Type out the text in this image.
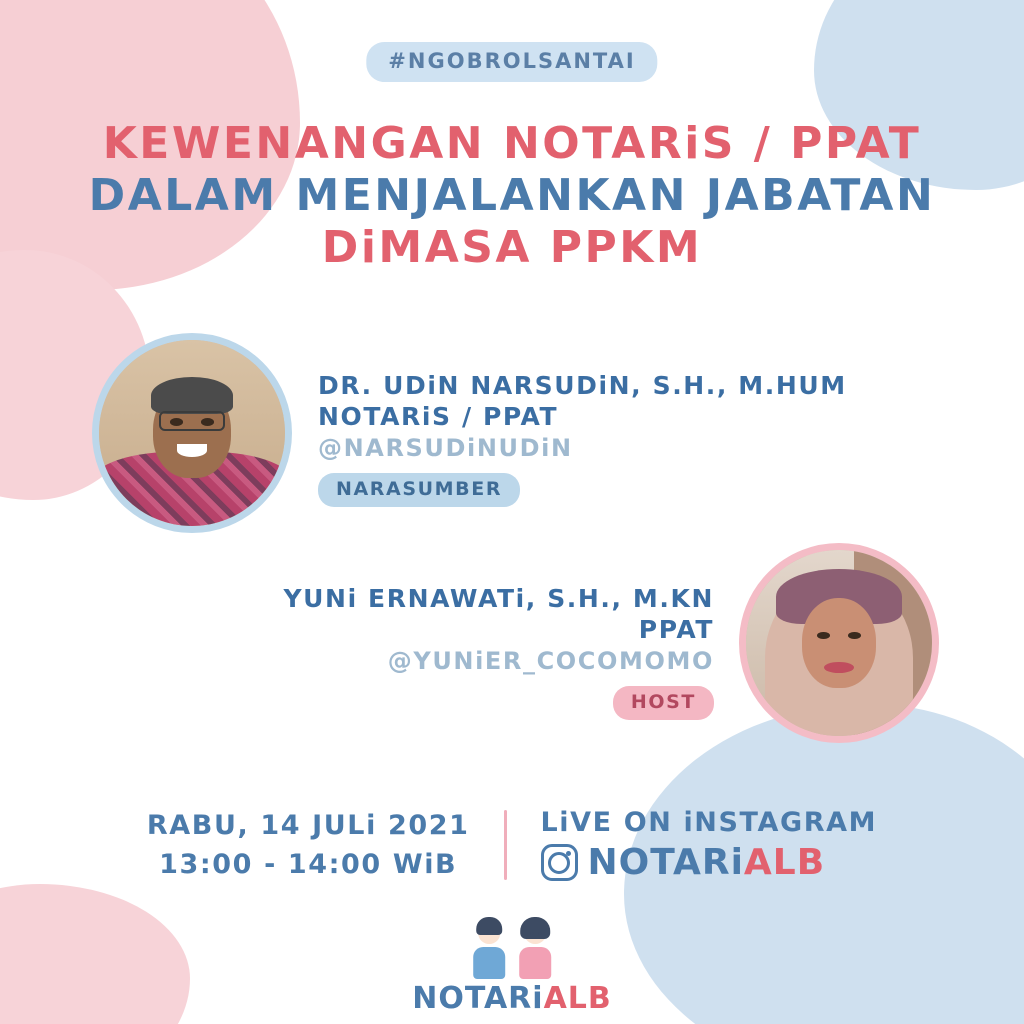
#NGOBROLSANTAI
KEWENANGAN NOTARiS / PPAT
DALAM MENJALANKAN JABATAN
DiMASA PPKM
DR. UDiN NARSUDiN, S.H., M.HUM
NOTARiS / PPAT
@NARSUDiNUDiN
NARASUMBER
YUNi ERNAWATi, S.H., M.KN
PPAT
@YUNiER_COCOMOMO
HOST
RABU, 14 JULi 2021
13:00 - 14:00 WiB
LiVE ON iNSTAGRAM
NOTARiALB
NOTARiALB
